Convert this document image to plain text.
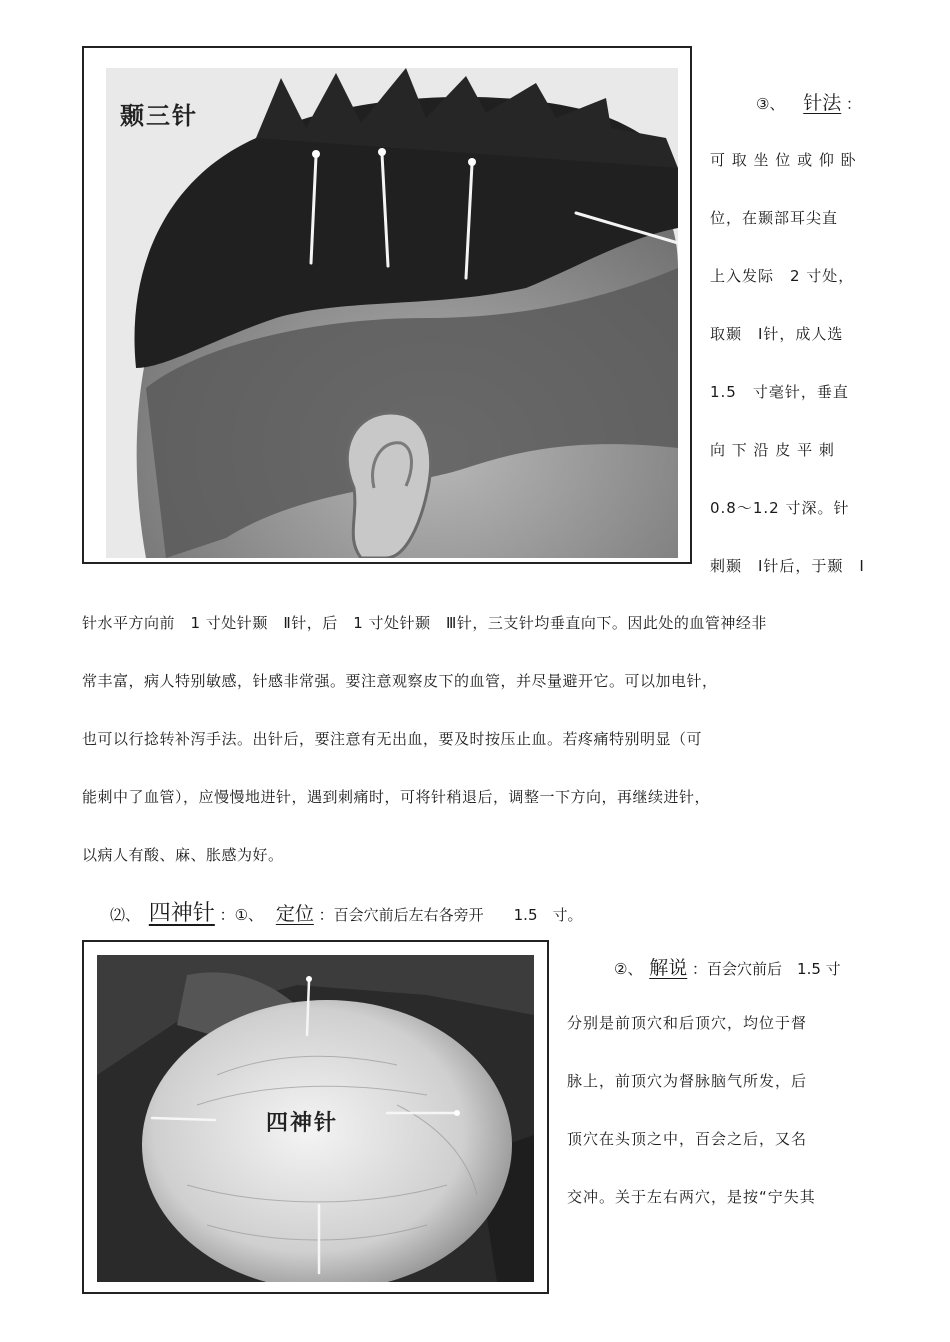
颞三针	③、 针法 ：
可 取 坐 位 或 仰 卧
位，在颞部耳尖直
上入发际　2 寸处，
取颞　Ⅰ针，成人选
1.5　寸毫针，垂直
向 下 沿 皮 平 刺
0.8～1.2 寸深。针
刺颞　Ⅰ针后，于颞　Ⅰ
针水平方向前　1 寸处针颞　Ⅱ针，后　1 寸处针颞　Ⅲ针，三支针均垂直向下。因此处的血管神经非
常丰富，病人特别敏感，针感非常强。要注意观察皮下的血管，并尽量避开它。可以加电针，
也可以行捻转补泻手法。出针后，要注意有无出血，要及时按压止血。若疼痛特别明显（可
能刺中了血管），应慢慢地进针，遇到刺痛时，可将针稍退后，调整一下方向，再继续进针，
以病人有酸、麻、胀感为好。
⑵、 四神针 ：①、 定位 ：百会穴前后左右各旁开　　1.5　寸。
四神针
②、 解说 ：百会穴前后　1.5 寸
分别是前顶穴和后顶穴，均位于督
脉上，前顶穴为督脉脑气所发，后
顶穴在头顶之中，百会之后，又名
交冲。关于左右两穴，是按“宁失其
